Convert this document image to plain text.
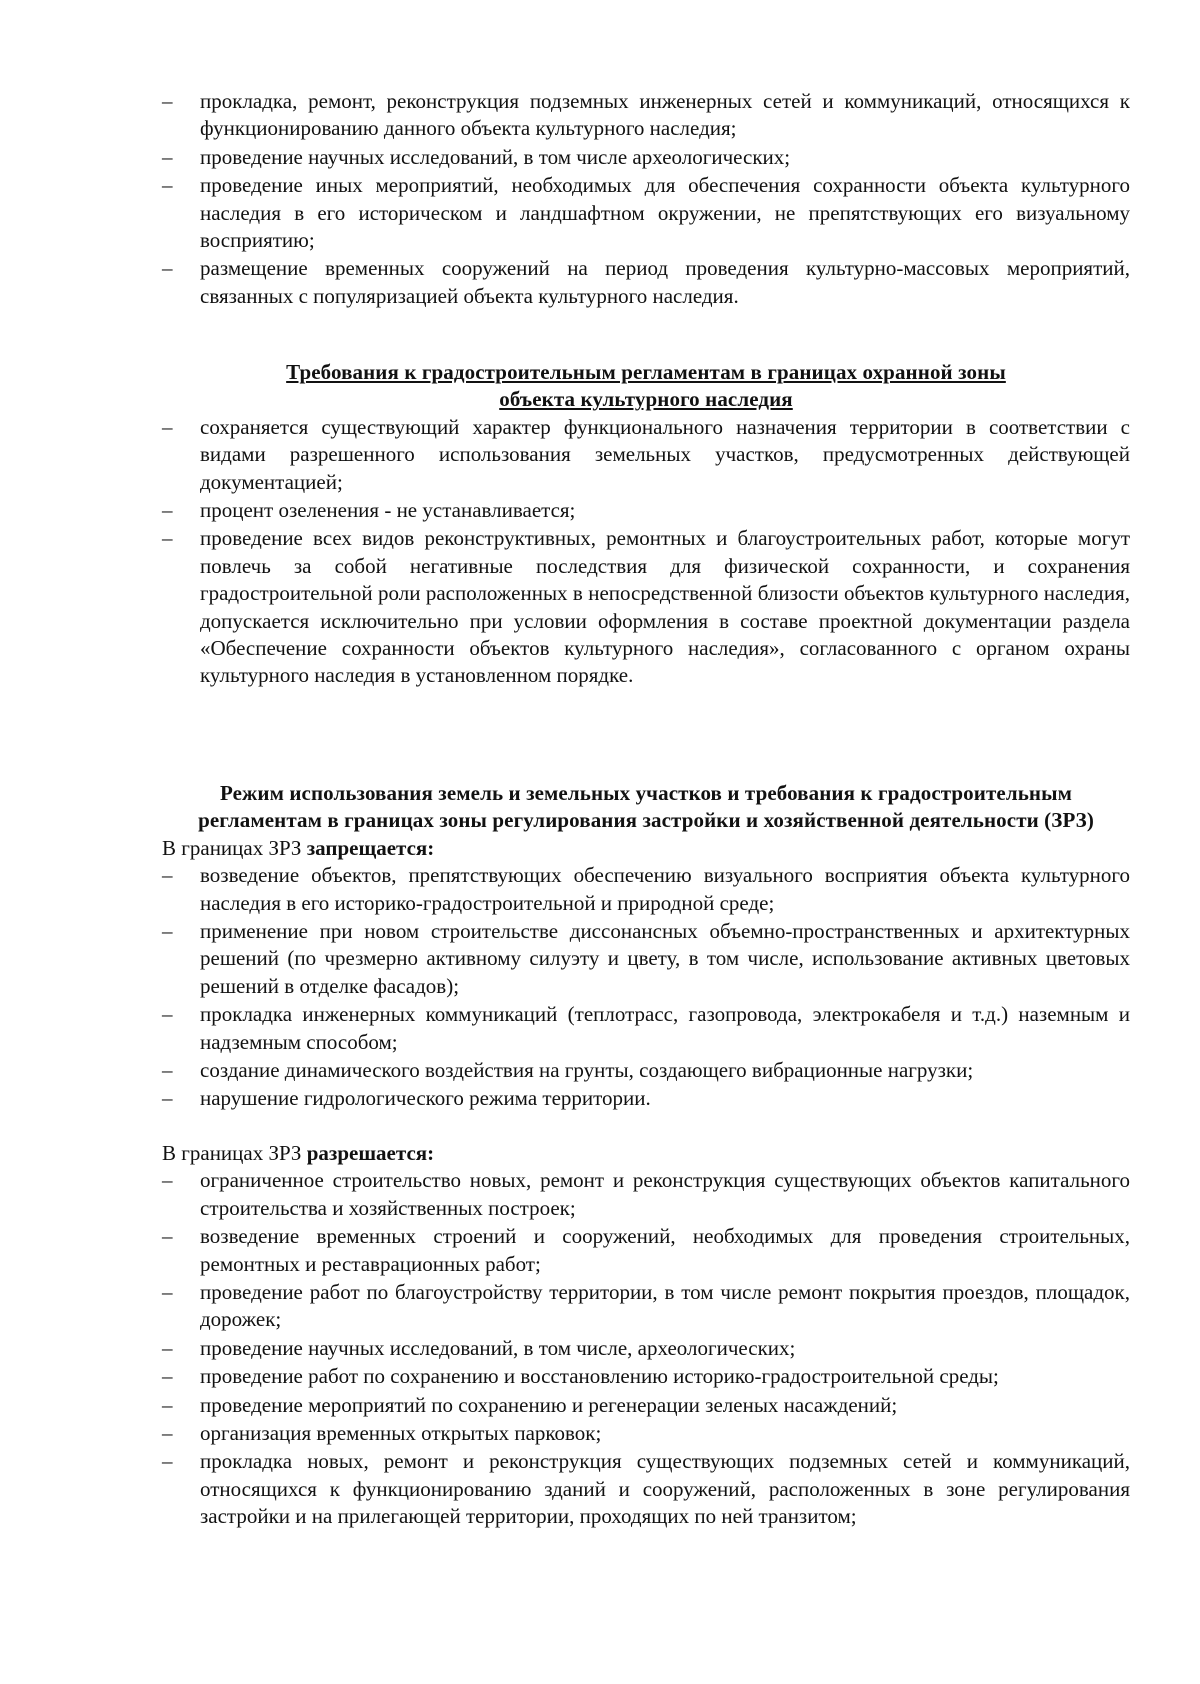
– прокладка, ремонт, реконструкция подземных инженерных сетей и коммуникаций, относящихся к функционированию данного объекта культурного наследия;
– проведение научных исследований, в том числе археологических;
– проведение иных мероприятий, необходимых для обеспечения сохранности объекта культурного наследия в его историческом и ландшафтном окружении, не препятствующих его визуальному восприятию;
– размещение временных сооружений на период проведения культурно-массовых мероприятий, связанных с популяризацией объекта культурного наследия.

Требования к градостроительным регламентам в границах охранной зоны объекта культурного наследия

– сохраняется существующий характер функционального назначения территории в соответствии с видами разрешенного использования земельных участков, предусмотренных действующей документацией;
– процент озеленения - не устанавливается;
– проведение всех видов реконструктивных, ремонтных и благоустроительных работ, которые могут повлечь за собой негативные последствия для физической сохранности, и сохранения градостроительной роли расположенных в непосредственной близости объектов культурного наследия, допускается исключительно при условии оформления в составе проектной документации раздела «Обеспечение сохранности объектов культурного наследия», согласованного с органом охраны культурного наследия в установленном порядке.

Режим использования земель и земельных участков и требования к градостроительным регламентам в границах зоны регулирования застройки и хозяйственной деятельности (ЗРЗ)

В границах ЗРЗ запрещается:

– возведение объектов, препятствующих обеспечению визуального восприятия объекта культурного наследия в его историко-градостроительной и природной среде;
– применение при новом строительстве диссонансных объемно-пространственных и архитектурных решений (по чрезмерно активному силуэту и цвету, в том числе, использование активных цветовых решений в отделке фасадов);
– прокладка инженерных коммуникаций (теплотрасс, газопровода, электрокабеля и т.д.) наземным и надземным способом;
– создание динамического воздействия на грунты, создающего вибрационные нагрузки;
– нарушение гидрологического режима территории.

В границах ЗРЗ разрешается:

– ограниченное строительство новых, ремонт и реконструкция существующих объектов капитального строительства и хозяйственных построек;
– возведение временных строений и сооружений, необходимых для проведения строительных, ремонтных и реставрационных работ;
– проведение работ по благоустройству территории, в том числе ремонт покрытия проездов, площадок, дорожек;
– проведение научных исследований, в том числе, археологических;
– проведение работ по сохранению и восстановлению историко-градостроительной среды;
– проведение мероприятий по сохранению и регенерации зеленых насаждений;
– организация временных открытых парковок;
– прокладка новых, ремонт и реконструкция существующих подземных сетей и коммуникаций, относящихся к функционированию зданий и сооружений, расположенных в зоне регулирования застройки и на прилегающей территории, проходящих по ней транзитом;
